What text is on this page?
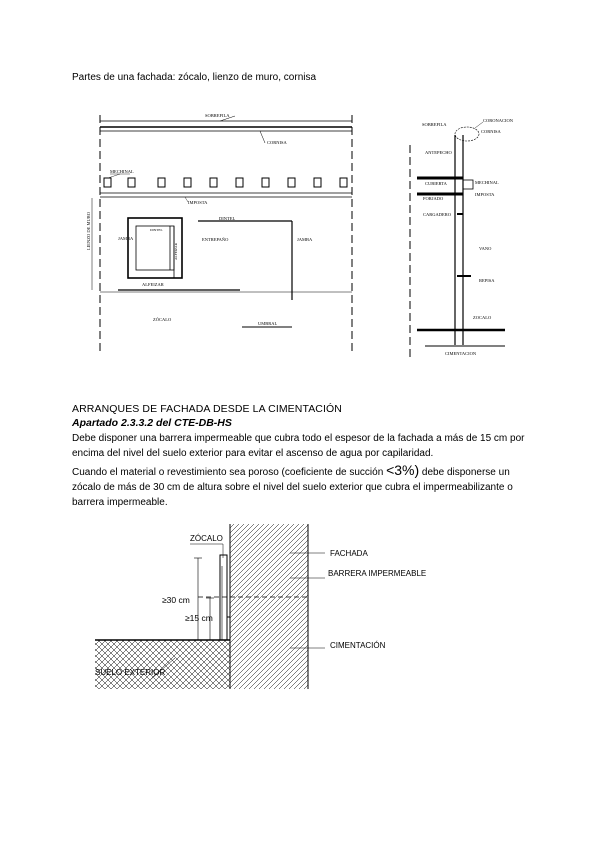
Partes de una fachada: zócalo, lienzo de muro, cornisa
SOBREFILA
CORNISA
MECHINAL
IMPOSTA
LIENZO DE MURO	DINTEL
JAMBA
ALFEIZAR
DINTEL
ENTREPAÑO	JAMBA
ALFEIZAR
ZÓCALO
UMBRAL
SOBREFILA
CORONACION
CORNISA
ANTEPECHO
CUBIERTA	MECHINAL
IMPOSTA
FORJADO
CARGADERO
VANO
REPISA
ZOCALO
CIMENTACION
ARRANQUES DE FACHADA DESDE LA CIMENTACIÓN
Apartado 2.3.3.2 del CTE-DB-HS
Debe disponer una barrera impermeable que cubra todo el espesor de la fachada a más de 15 cm por encima del nivel del suelo exterior para evitar el ascenso de agua por capilaridad.
Cuando el material o revestimiento sea poroso (coeficiente de succión <3%) debe disponerse un zócalo de más de 30 cm de altura sobre el nivel del suelo exterior que cubra el impermeabilizante o barrera impermeable.
ZÓCALO
FACHADA
BARRERA IMPERMEABLE
≥30 cm
≥15 cm
CIMENTACIÓN
SUELO EXTERIOR
